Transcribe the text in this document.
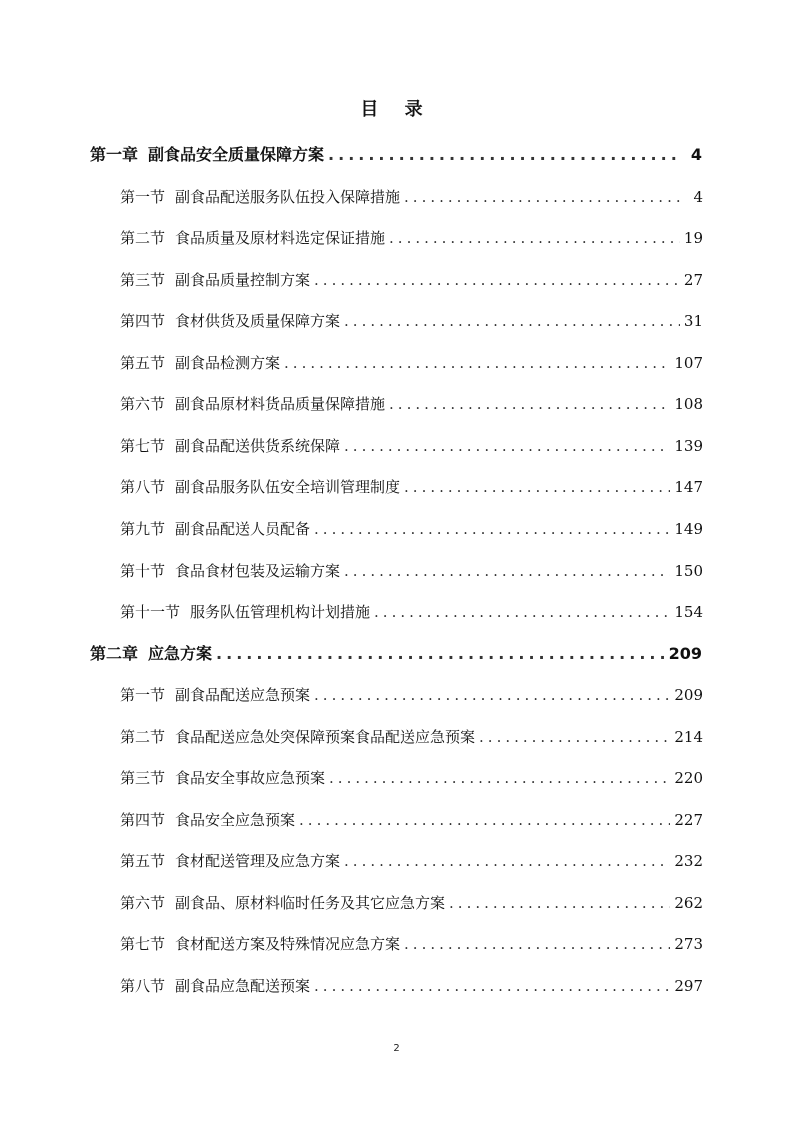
目 录
第一章 副食品安全质量保障方案 .....	4
第一节 副食品配送服务队伍投入保障措施 .....	4
第二节 食品质量及原材料选定保证措施 .....	19
第三节 副食品质量控制方案 .....	27
第四节 食材供货及质量保障方案 .....	31
第五节 副食品检测方案 .....	107
第六节 副食品原材料货品质量保障措施 .....	108
第七节 副食品配送供货系统保障 .....	139
第八节 副食品服务队伍安全培训管理制度 .....	147
第九节 副食品配送人员配备 .....	149
第十节 食品食材包装及运输方案 .....	150
第十一节 服务队伍管理机构计划措施 .....	154
第二章 应急方案 .....	209
第一节 副食品配送应急预案 .....	209
第二节 食品配送应急处突保障预案食品配送应急预案 .....	214
第三节 食品安全事故应急预案 .....	220
第四节 食品安全应急预案 .....	227
第五节 食材配送管理及应急方案 .....	232
第六节 副食品、原材料临时任务及其它应急方案 .....	262
第七节 食材配送方案及特殊情况应急方案 .....	273
第八节 副食品应急配送预案 .....	297
2
